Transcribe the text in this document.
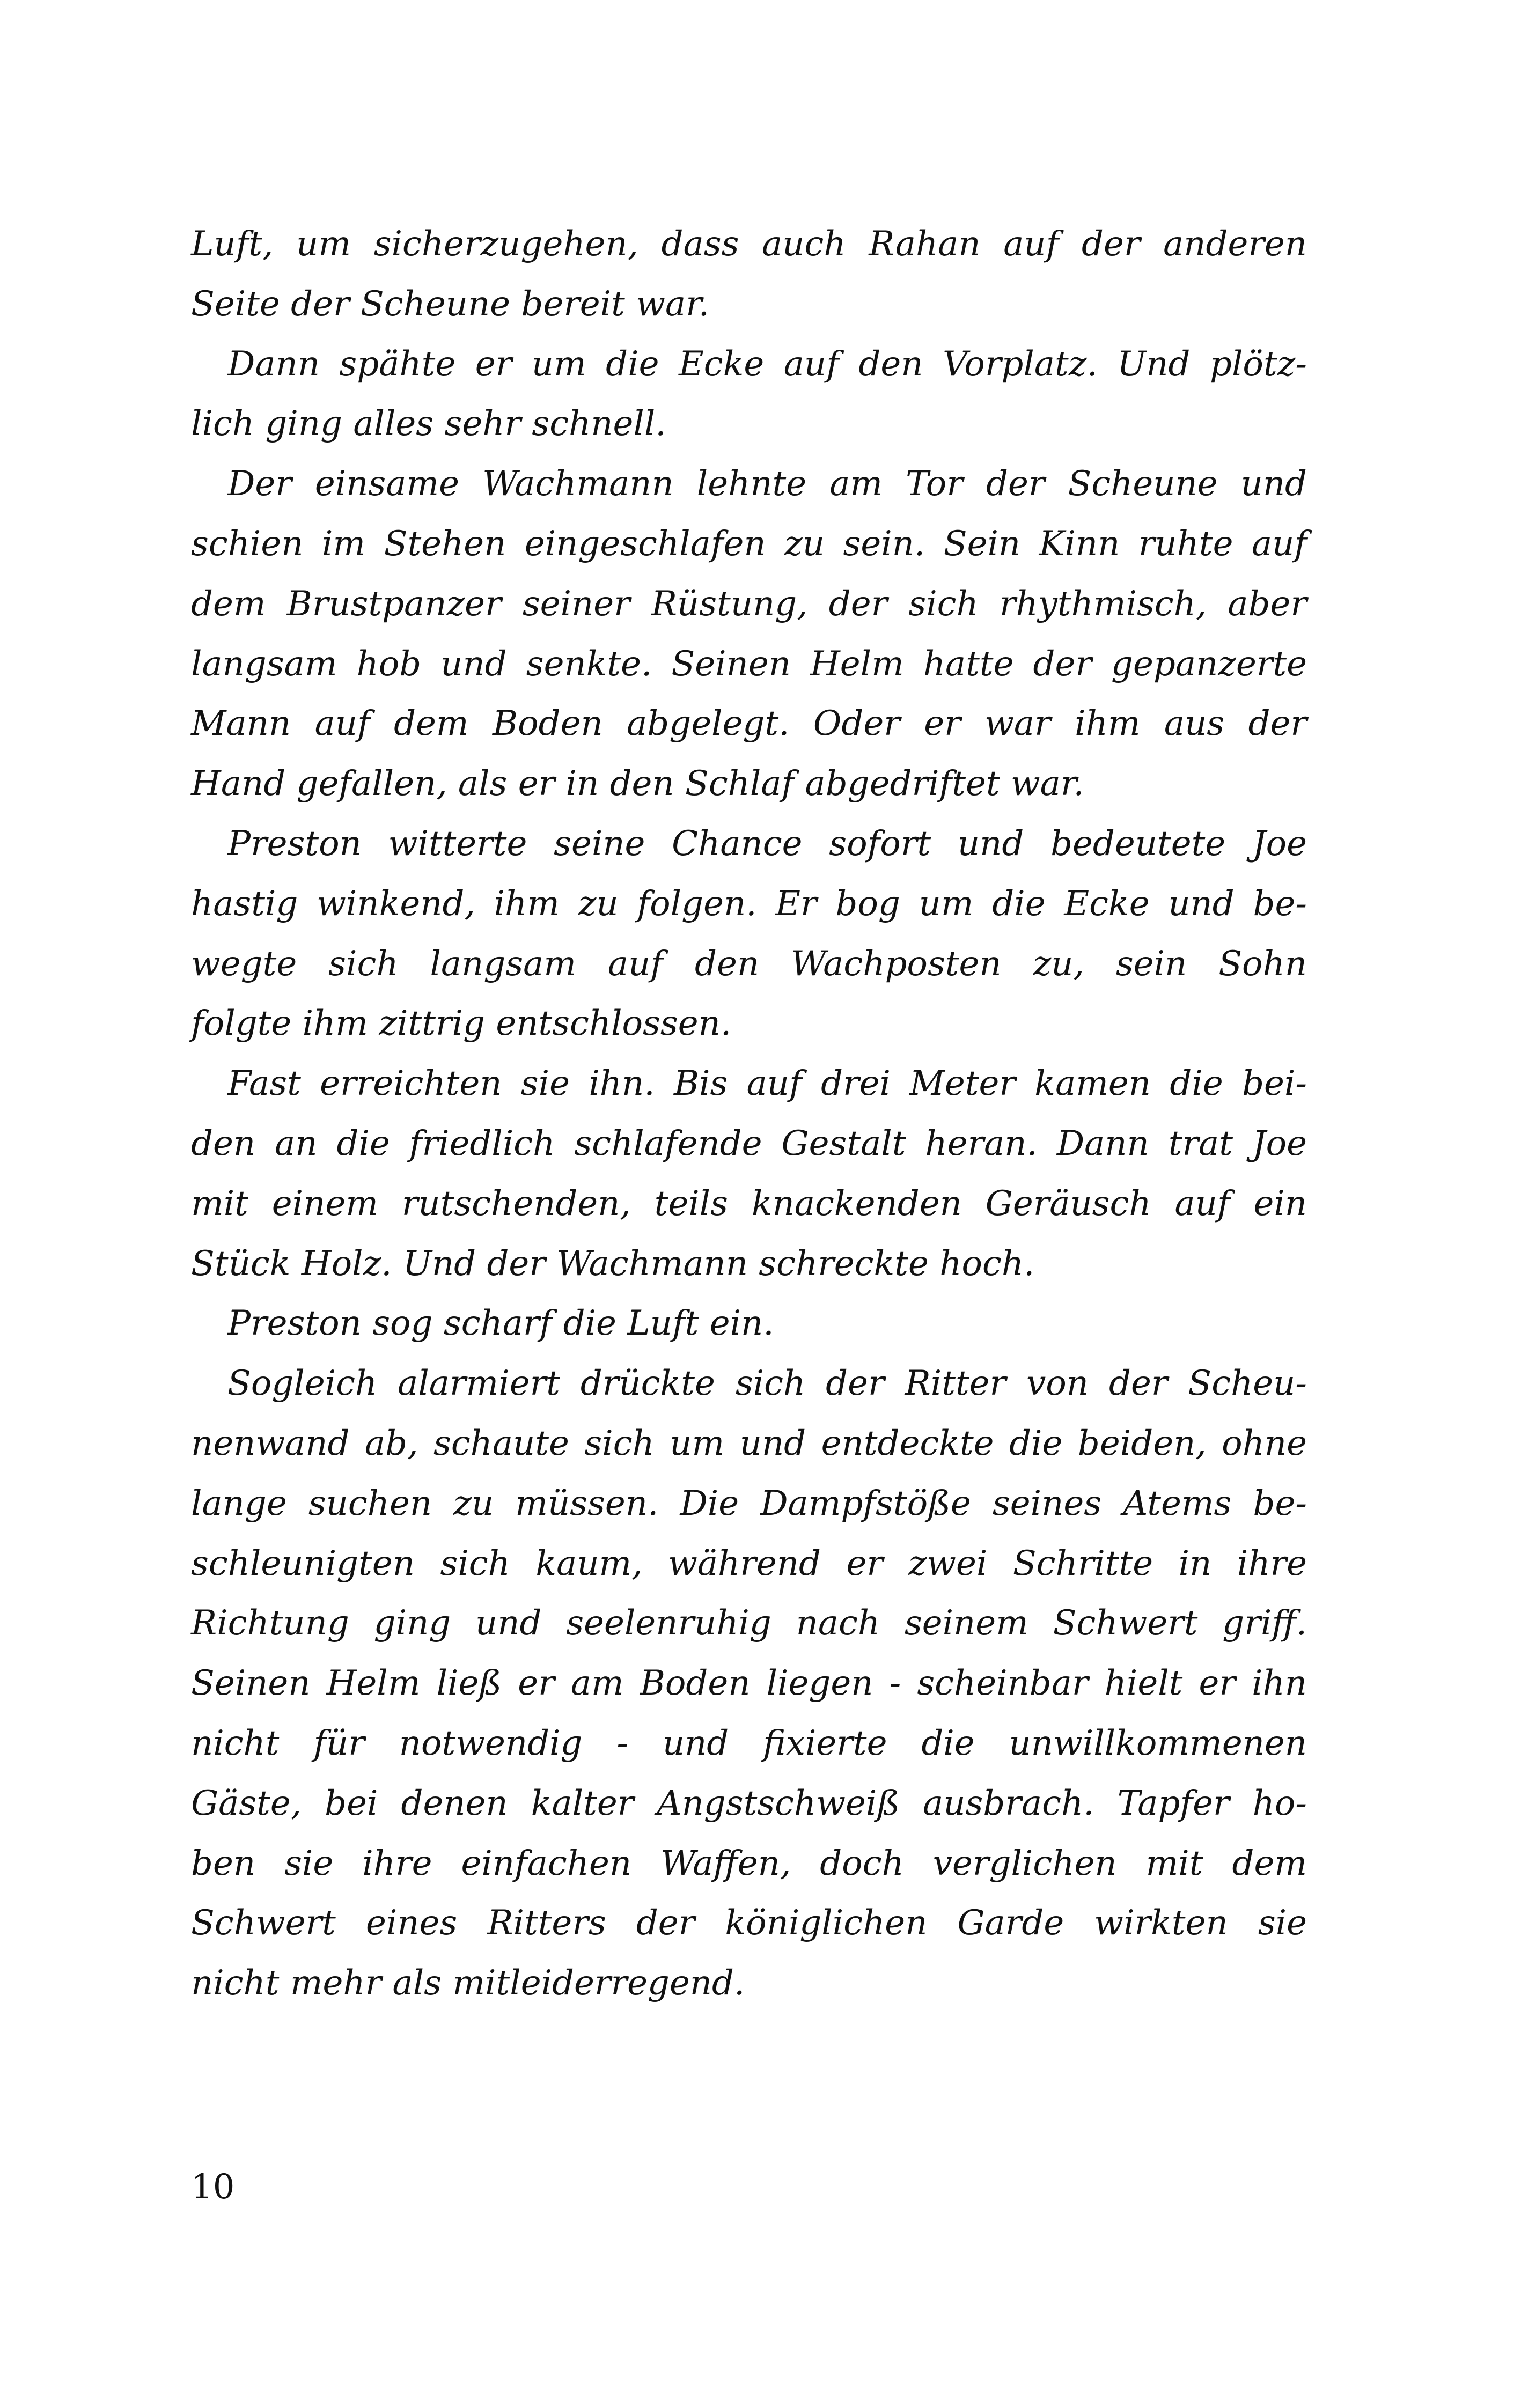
Luft, um sicherzugehen, dass auch Rahan auf der anderen
Seite der Scheune bereit war.
Dann spähte er um die Ecke auf den Vorplatz. Und plötz-
lich ging alles sehr schnell.
Der einsame Wachmann lehnte am Tor der Scheune und
schien im Stehen eingeschlafen zu sein. Sein Kinn ruhte auf
dem Brustpanzer seiner Rüstung, der sich rhythmisch, aber
langsam hob und senkte. Seinen Helm hatte der gepanzerte
Mann auf dem Boden abgelegt. Oder er war ihm aus der
Hand gefallen, als er in den Schlaf abgedriftet war.
Preston witterte seine Chance sofort und bedeutete Joe
hastig winkend, ihm zu folgen. Er bog um die Ecke und be-
wegte sich langsam auf den Wachposten zu, sein Sohn
folgte ihm zittrig entschlossen.
Fast erreichten sie ihn. Bis auf drei Meter kamen die bei-
den an die friedlich schlafende Gestalt heran. Dann trat Joe
mit einem rutschenden, teils knackenden Geräusch auf ein
Stück Holz. Und der Wachmann schreckte hoch.
Preston sog scharf die Luft ein.
Sogleich alarmiert drückte sich der Ritter von der Scheu-
nenwand ab, schaute sich um und entdeckte die beiden, ohne
lange suchen zu müssen. Die Dampfstöße seines Atems be-
schleunigten sich kaum, während er zwei Schritte in ihre
Richtung ging und seelenruhig nach seinem Schwert griff.
Seinen Helm ließ er am Boden liegen - scheinbar hielt er ihn
nicht für notwendig - und fixierte die unwillkommenen
Gäste, bei denen kalter Angstschweiß ausbrach. Tapfer ho-
ben sie ihre einfachen Waffen, doch verglichen mit dem
Schwert eines Ritters der königlichen Garde wirkten sie
nicht mehr als mitleiderregend.
10
